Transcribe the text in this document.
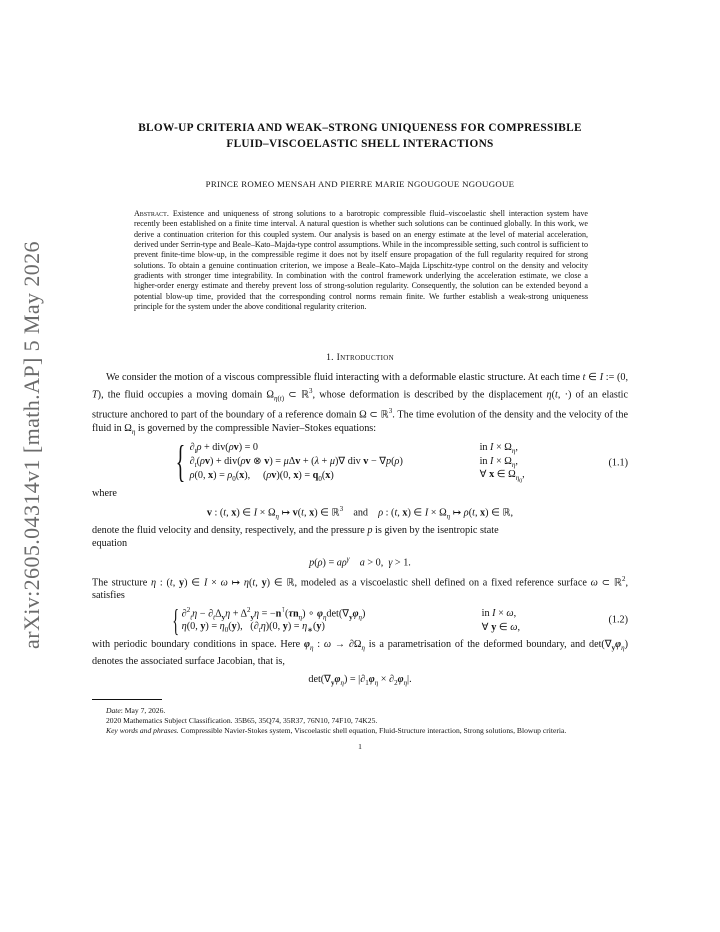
arXiv:2605.04314v1 [math.AP] 5 May 2026

BLOW-UP CRITERIA AND WEAK–STRONG UNIQUENESS FOR COMPRESSIBLE

FLUID–VISCOELASTIC SHELL INTERACTIONS

PRINCE ROMEO MENSAH AND PIERRE MARIE NGOUGOUE NGOUGOUE
Abstract. Existence and uniqueness of strong solutions to a barotropic compressible fluid–viscoelastic shell interaction system have recently been established on a finite time interval. A natural question is whether such solutions can be continued globally. In this work, we derive a continuation criterion for this coupled system. Our analysis is based on an energy estimate at the level of material acceleration, derived under Serrin-type and Beale–Kato–Majda-type control assumptions. While in the incompressible setting, such control is sufficient to prevent finite-time blow-up, in the compressible regime it does not by itself ensure propagation of the full regularity required for strong solutions. To obtain a genuine continuation criterion, we impose a Beale–Kato–Majda Lipschitz-type control on the density and velocity gradients with stronger time integrability. In combination with the control framework underlying the acceleration estimate, we close a higher-order energy estimate and thereby prevent loss of strong-solution regularity. Consequently, the solution can be extended beyond a potential blow-up time, provided that the corresponding control norms remain finite. We further establish a weak-strong uniqueness principle for the system under the above conditional regularity criterion.
1. Introduction

We consider the motion of a viscous compressible fluid interacting with a deformable elastic structure. At each time t ∈ I := (0, T), the fluid occupies a moving domain $\Omega_{\eta(t)}$ ⊂ ℝ$^3$, whose deformation is described by the displacement η(t, ·) of an elastic structure anchored to part of the boundary of a reference domain Ω ⊂ ℝ$^3$. The time evolution of the density and the velocity of the fluid in $\Omega_\eta$ is governed by the compressible Navier–Stokes equations:

{ $\partial_t\rho + div(\rho v) = 0$	in $I \times \Omega_\eta$,
$\partial_t(\rho v) + div(\rho v$ ⊗ v) = μΔv + (λ + μ)∇ div v − ∇p(ρ)	in $I \times \Omega_\eta$,
ρ(0, $x) = \rho_0(x)$,     (ρv)(0, $x) = q_0(x)$	∀ x ∈ $\Omega_{\eta_0}$,
(1.1)

where

v : (t, x) ∈ $I \times \Omega_\eta$ ↦ v(t, x) ∈ ℝ$^3$    and    ρ : (t, x) ∈ $I \times \Omega_\eta$ ↦ ρ(t, x) ∈ ℝ,

denote the fluid velocity and density, respectively, and the pressure p is given by the isentropic state

equation

$p(\rho) = a\rho^\gamma$ a > 0,  γ > 1.

The structure η : (t, y) ∈ I × ω ↦ η(t, y) ∈ ℝ, modeled as a viscoelastic shell defined on a fixed reference surface ω ⊂ ℝ$^2$, satisfies

{ $\partial^2_t\eta - \partial_t\Delta_y\eta + \Delta^2_y\eta = -n^⊺(\tau n_\eta)$ ∘ $\varphi_\eta\det(\nabla_y\varphi_\eta)$	in I × ω,
η(0, $y) = \eta_0(y)$,   $(\partial_t\eta)(0$, $y) = \eta_∗(y)$	∀ y ∈ ω,
(1.2)

with periodic boundary conditions in space. Here $\varphi_\eta$ : $\omega \to \partial\Omega_\eta$ is a parametrisation of the deformed boundary, and $\det(\nabla_y\varphi_\eta)$ denotes the associated surface Jacobian, that is,

$\det(\nabla_y\varphi_\eta) = |\partial_1\varphi_\eta \times \partial_2\varphi_\eta|$.
Date: May 7, 2026.
2020 Mathematics Subject Classification. 35B65, 35Q74, 35R37, 76N10, 74F10, 74K25.
Key words and phrases. Compressible Navier-Stokes system, Viscoelastic shell equation, Fluid-Structure interaction, Strong solutions, Blowup criteria.
1
